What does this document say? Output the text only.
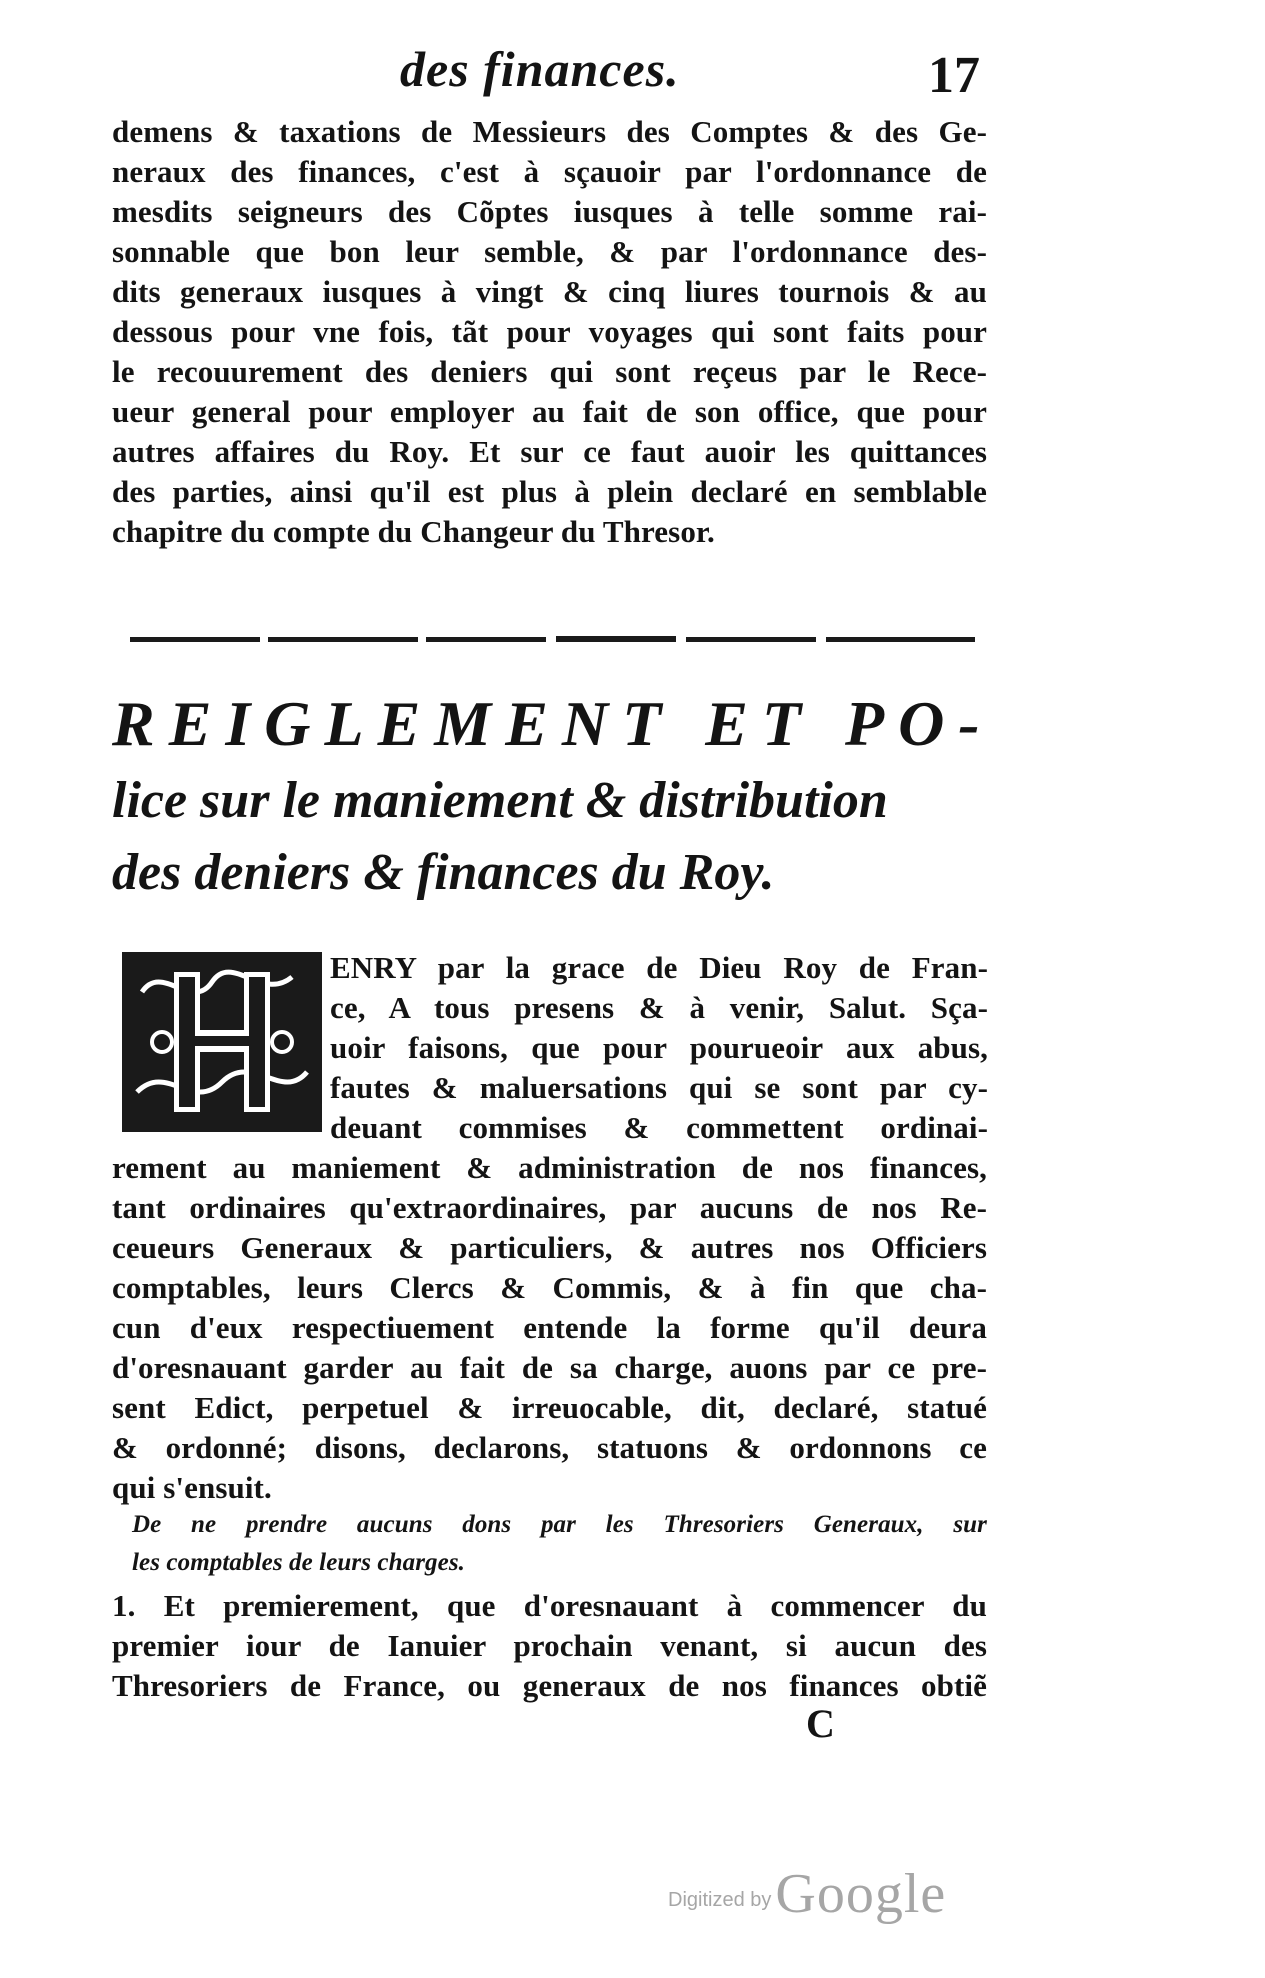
des finances.	17
demens & taxations de Messieurs des Comptes & des Ge-
neraux des finances, c'est à sçauoir par l'ordonnance de
mesdits seigneurs des Cõptes iusques à telle somme rai-
sonnable que bon leur semble, & par l'ordonnance des-
dits generaux iusques à vingt & cinq liures tournois & au
dessous pour vne fois, tãt pour voyages qui sont faits pour
le recouurement des deniers qui sont reçeus par le Rece-
ueur general pour employer au fait de son office, que pour
autres affaires du Roy. Et sur ce faut auoir les quittances
des parties, ainsi qu'il est plus à plein declaré en semblable
chapitre du compte du Changeur du Thresor.
REIGLEMENT ET PO-
lice sur le maniement & distribution
des deniers & finances du Roy.
ENRY par la grace de Dieu Roy de Fran-
ce, A tous presens & à venir, Salut. Sça-
uoir faisons, que pour pourueoir aux abus,
fautes & maluersations qui se sont par cy-
deuant commises & commettent ordinai-
rement au maniement & administration de nos finances,
tant ordinaires qu'extraordinaires, par aucuns de nos Re-
ceueurs Generaux & particuliers, & autres nos Officiers
comptables, leurs Clercs & Commis, & à fin que cha-
cun d'eux respectiuement entende la forme qu'il deura
d'oresnauant garder au fait de sa charge, auons par ce pre-
sent Edict, perpetuel & irreuocable, dit, declaré, statué
& ordonné; disons, declarons, statuons & ordonnons ce
qui s'ensuit.
De ne prendre aucuns dons par les Thresoriers Generaux, sur
les comptables de leurs charges.
1. Et premierement, que d'oresnauant à commencer du
premier iour de Ianuier prochain venant, si aucun des
Thresoriers de France, ou generaux de nos finances obtiẽ
C
Digitized by Google
